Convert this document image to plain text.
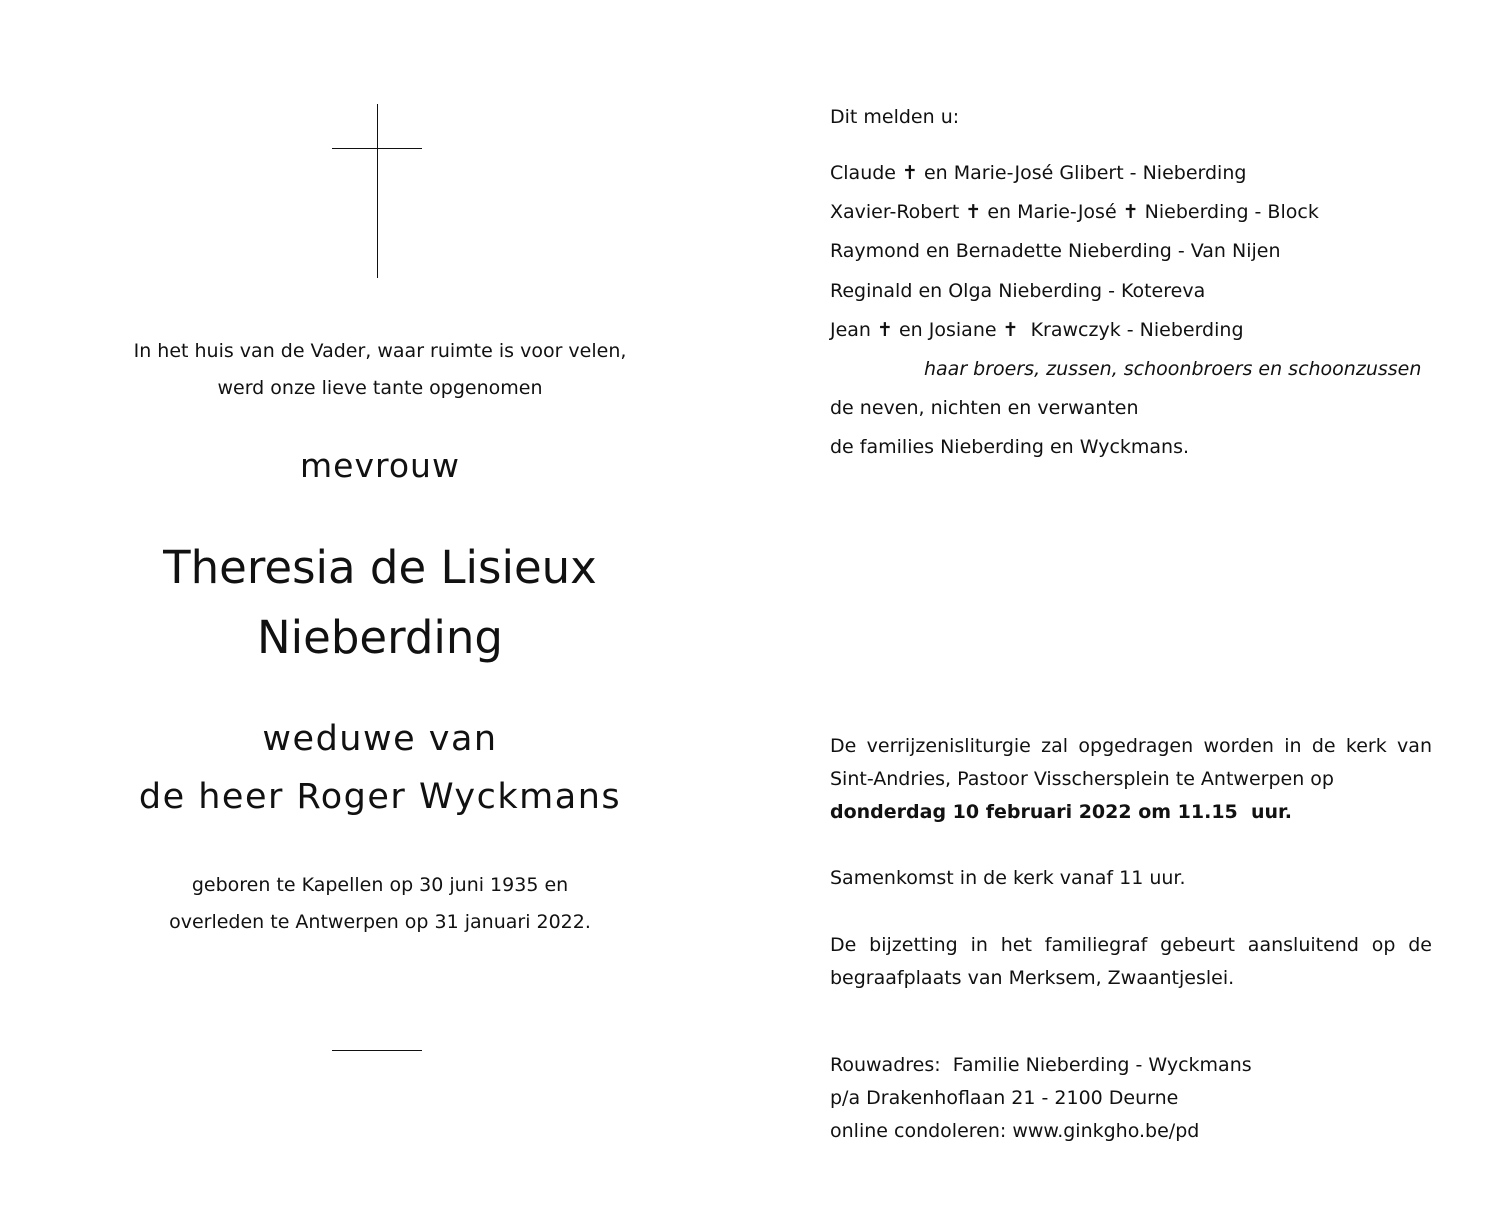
In het huis van de Vader, waar ruimte is voor velen,
werd onze lieve tante opgenomen
mevrouw
Theresia de Lisieux
Nieberding
weduwe van
de heer Roger Wyckmans
geboren te Kapellen op 30 juni 1935 en
overleden te Antwerpen op 31 januari 2022.
Dit melden u:
Claude ✝ en Marie-José Glibert - Nieberding
Xavier-Robert ✝ en Marie-José ✝ Nieberding - Block
Raymond en Bernadette Nieberding - Van Nijen
Reginald en Olga Nieberding - Kotereva
Jean ✝ en Josiane ✝  Krawczyk - Nieberding
haar broers, zussen, schoonbroers en schoonzussen
de neven, nichten en verwanten
de families Nieberding en Wyckmans.
De verrijzenisliturgie zal opgedragen worden in de kerk van Sint-Andries, Pastoor Visschersplein te Antwerpen op
donderdag 10 februari 2022 om 11.15  uur.
Samenkomst in de kerk vanaf 11 uur.
De bijzetting in het familiegraf gebeurt aansluitend op de begraafplaats van Merksem, Zwaantjeslei.
Rouwadres:  Familie Nieberding - Wyckmans
p/a Drakenhoflaan 21 - 2100 Deurne
online condoleren: www.ginkgho.be/pd
